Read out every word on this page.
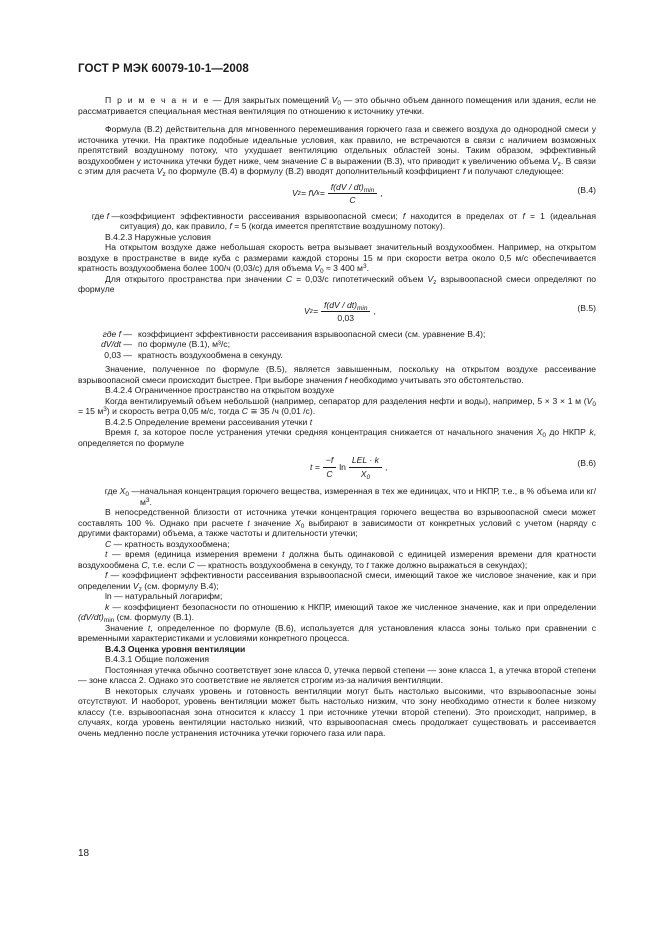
ГОСТ Р МЭК 60079-10-1—2008

П р и м е ч а н и е — Для закрытых помещений $V_0$ — это обычно объем данного помещения или здания, если не рассматривается специальная местная вентиляция по отношению к источнику утечки.

Формула (В.2) действительна для мгновенного перемешивания горючего газа и свежего воздуха до однородной смеси у источника утечки. На практике подобные идеальные условия, как правило, не встречаются в связи с наличием возможных препятствий воздушному потоку, что ухудшает вентиляцию отдельных областей зоны. Таким образом, эффективный воздухообмен у источника утечки будет ниже, чем значение C в выражении (В.3), что приводит к увеличению объема $V_z$. В связи с этим для расчета $V_z$ по формуле (В.4) в формулу (В.2) вводят дополнительный коэффициент f и получают следующее:

V z = fV $k = \frac{f(dV / dt)_{min}}{C}$ ,	(В.4)
где f — коэффициент эффективности рассеивания взрывоопасной смеси; f находится в пределах от f = 1 (идеальная ситуация) до, как правило, f = 5 (когда имеется препятствие воздушному потоку).

В.4.2.3 Наружные условия

На открытом воздухе даже небольшая скорость ветра вызывает значительный воздухообмен. Например, на открытом воздухе в пространстве в виде куба с размерами каждой стороны 15 м при скорости ветра около 0,5 м/с обеспечивается кратность воздухообмена более 100/ч (0,03/с) для объема $V_0 \approx 3$ 400 $м^3$.

Для открытого пространства при значении C = 0,03/с гипотетический объем $V_z$ взрывоопасной смеси определяют по формуле

V $z = \frac{f(dV / dt)_{min}}{0,03}$ ,	(В.5)
где f — коэффициент эффективности рассеивания взрывоопасной смеси (см. уравнение В.4);
dV/dt — по формуле (В.1), м³/с;
0,03 — кратность воздухообмена в секунду.

Значение, полученное по формуле (В.5), является завышенным, поскольку на открытом воздухе рассеивание взрывоопасной смеси происходит быстрее. При выборе значения f необходимо учитывать это обстоятельство.

В.4.2.4 Ограниченное пространство на открытом воздухе

Когда вентилируемый объем небольшой (например, сепаратор для разделения нефти и воды), например, 5 × 3 × 1 м ($V_0 = 15$ $м^3$) и скорость ветра 0,05 м/с, тогда C ≅ 35 /ч (0,01 /с).

В.4.2.5 Определение времени рассеивания утечки t

Время t, за которое после устранения утечки средняя концентрация снижается от начального значения $X_0$ до НКПР k, определяется по формуле

$t = \frac{-f}{C}$ $\ln \frac{\text{LEL · k}}{X_0}$ ,	(В.6)
где $X_0$ — начальная концентрация горючего вещества, измеренная в тех же единицах, что и НКПР, т.е., в % объема или $кг/м^3$.

В непосредственной близости от источника утечки концентрация горючего вещества во взрывоопасной смеси может составлять 100 %. Однако при расчете t значение $X_0$ выбирают в зависимости от конкретных условий с учетом (наряду с другими факторами) объема, а также частоты и длительности утечки;

C — кратность воздухообмена;

t — время (единица измерения времени t должна быть одинаковой с единицей измерения времени для кратности воздухообмена C, т.е. если C — кратность воздухообмена в секунду, то t также должно выражаться в секундах);

f — коэффициент эффективности рассеивания взрывоопасной смеси, имеющий такое же числовое значение, как и при определении $V_z$ (см. формулу В.4);

ln — натуральный логарифм;

k — коэффициент безопасности по отношению к НКПР, имеющий такое же численное значение, как и при определении $(dV/dt)_{min}$ (см. формулу (В.1).

Значение t, определенное по формуле (В.6), используется для установления класса зоны только при сравнении с временными характеристиками и условиями конкретного процесса.

В.4.3 Оценка уровня вентиляции

В.4.3.1 Общие положения

Постоянная утечка обычно соответствует зоне класса 0, утечка первой степени — зоне класса 1, а утечка второй степени — зоне класса 2. Однако это соответствие не является строгим из-за наличия вентиляции.

В некоторых случаях уровень и готовность вентиляции могут быть настолько высокими, что взрывоопасные зоны отсутствуют. И наоборот, уровень вентиляции может быть настолько низким, что зону необходимо отнести к более низкому классу (т.е. взрывоопасная зона относится к классу 1 при источнике утечки второй степени). Это происходит, например, в случаях, когда уровень вентиляции настолько низкий, что взрывоопасная смесь продолжает существовать и рассеивается очень медленно после устранения источника утечки горючего газа или пара.

18
